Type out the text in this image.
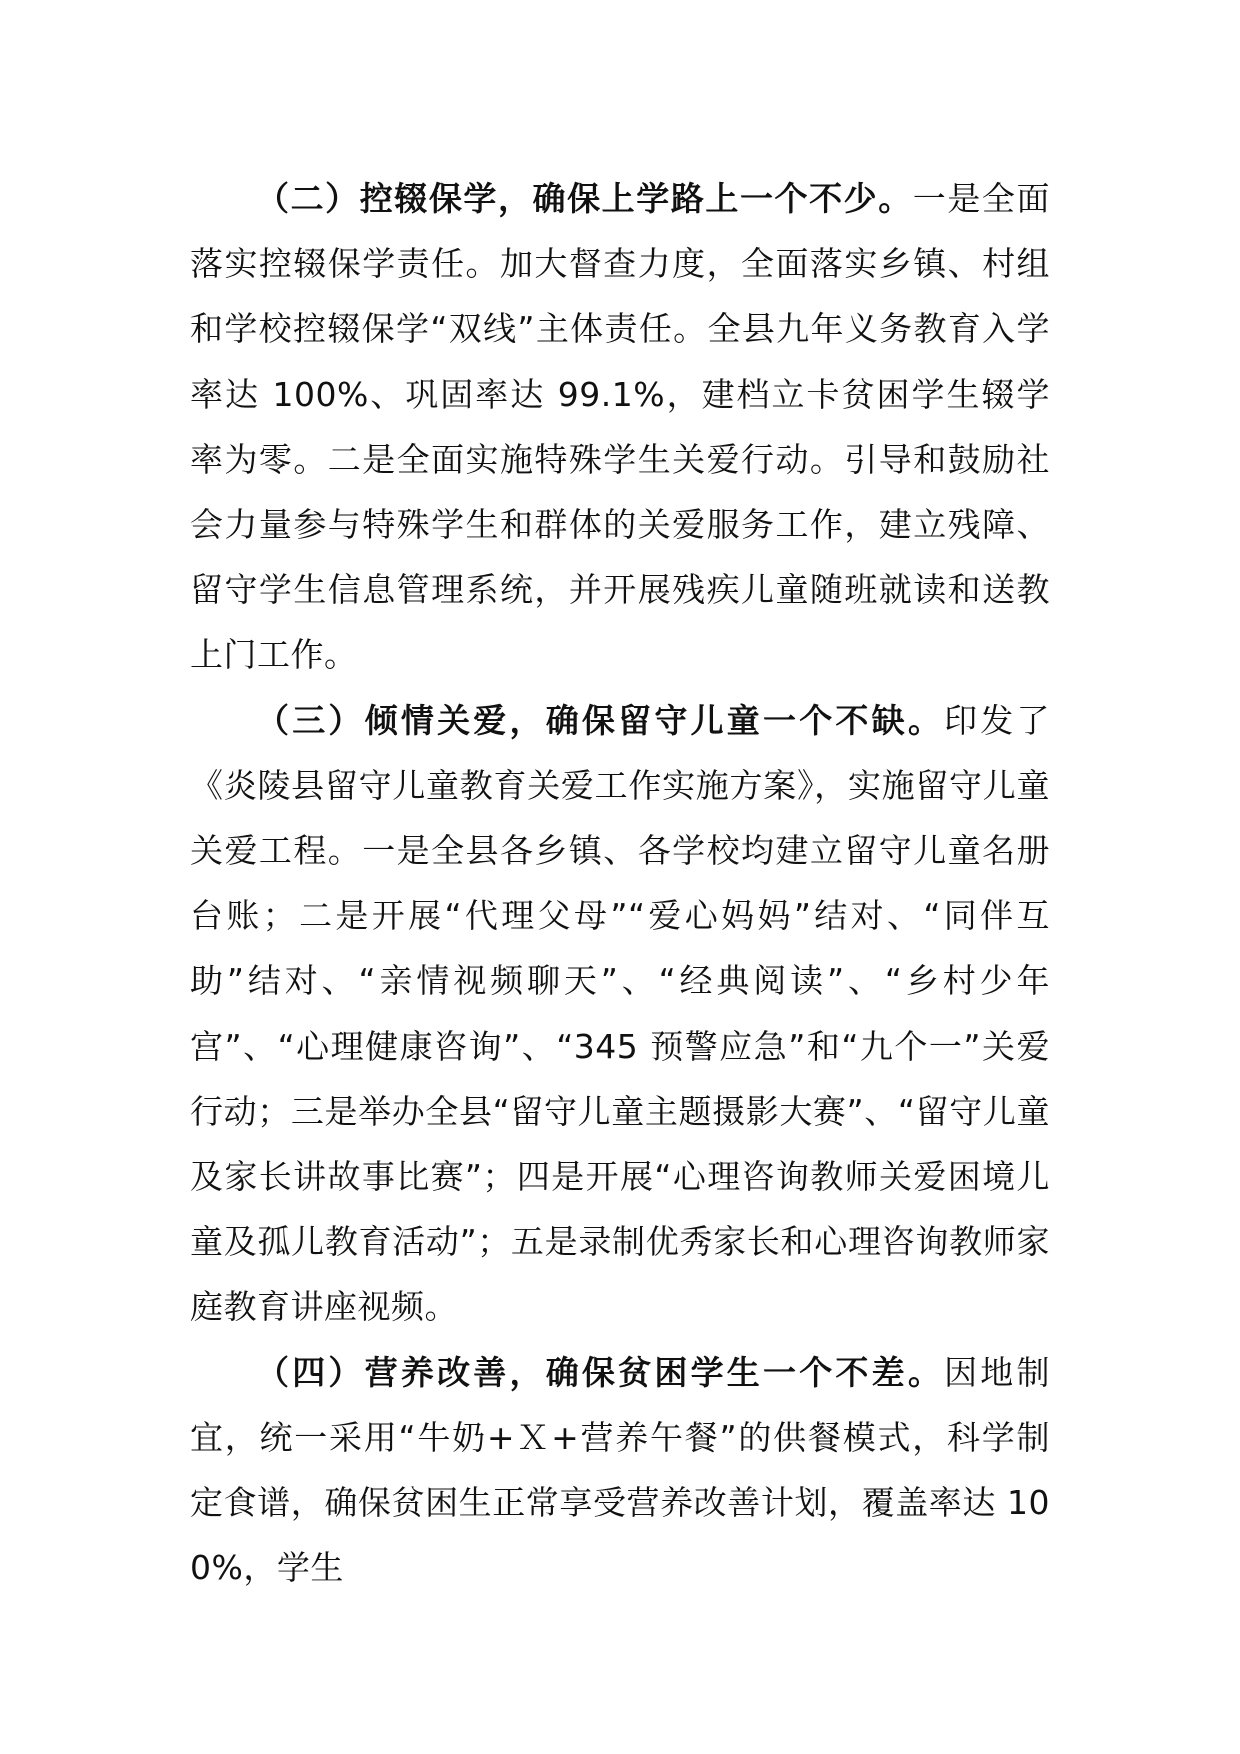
（二）控辍保学，确保上学路上一个不少。一是全面落实控辍保学责任。加大督查力度，全面落实乡镇、村组和学校控辍保学“双线”主体责任。全县九年义务教育入学率达 100%、巩固率达 99.1%，建档立卡贫困学生辍学率为零。二是全面实施特殊学生关爱行动。引导和鼓励社会力量参与特殊学生和群体的关爱服务工作，建立残障、留守学生信息管理系统，并开展残疾儿童随班就读和送教上门工作。

（三）倾情关爱，确保留守儿童一个不缺。印发了《炎陵县留守儿童教育关爱工作实施方案》，实施留守儿童关爱工程。一是全县各乡镇、各学校均建立留守儿童名册台账；二是开展“代理父母”“爱心妈妈”结对、“同伴互助”结对、“亲情视频聊天”、“经典阅读”、“乡村少年宫”、“心理健康咨询”、“345 预警应急”和“九个一”关爱行动；三是举办全县“留守儿童主题摄影大赛”、“留守儿童及家长讲故事比赛”；四是开展“心理咨询教师关爱困境儿童及孤儿教育活动”；五是录制优秀家长和心理咨询教师家庭教育讲座视频。

（四）营养改善，确保贫困学生一个不差。因地制宜，统一采用“牛奶+Ｘ+营养午餐”的供餐模式，科学制定食谱，确保贫困生正常享受营养改善计划，覆盖率达 100%，学生
